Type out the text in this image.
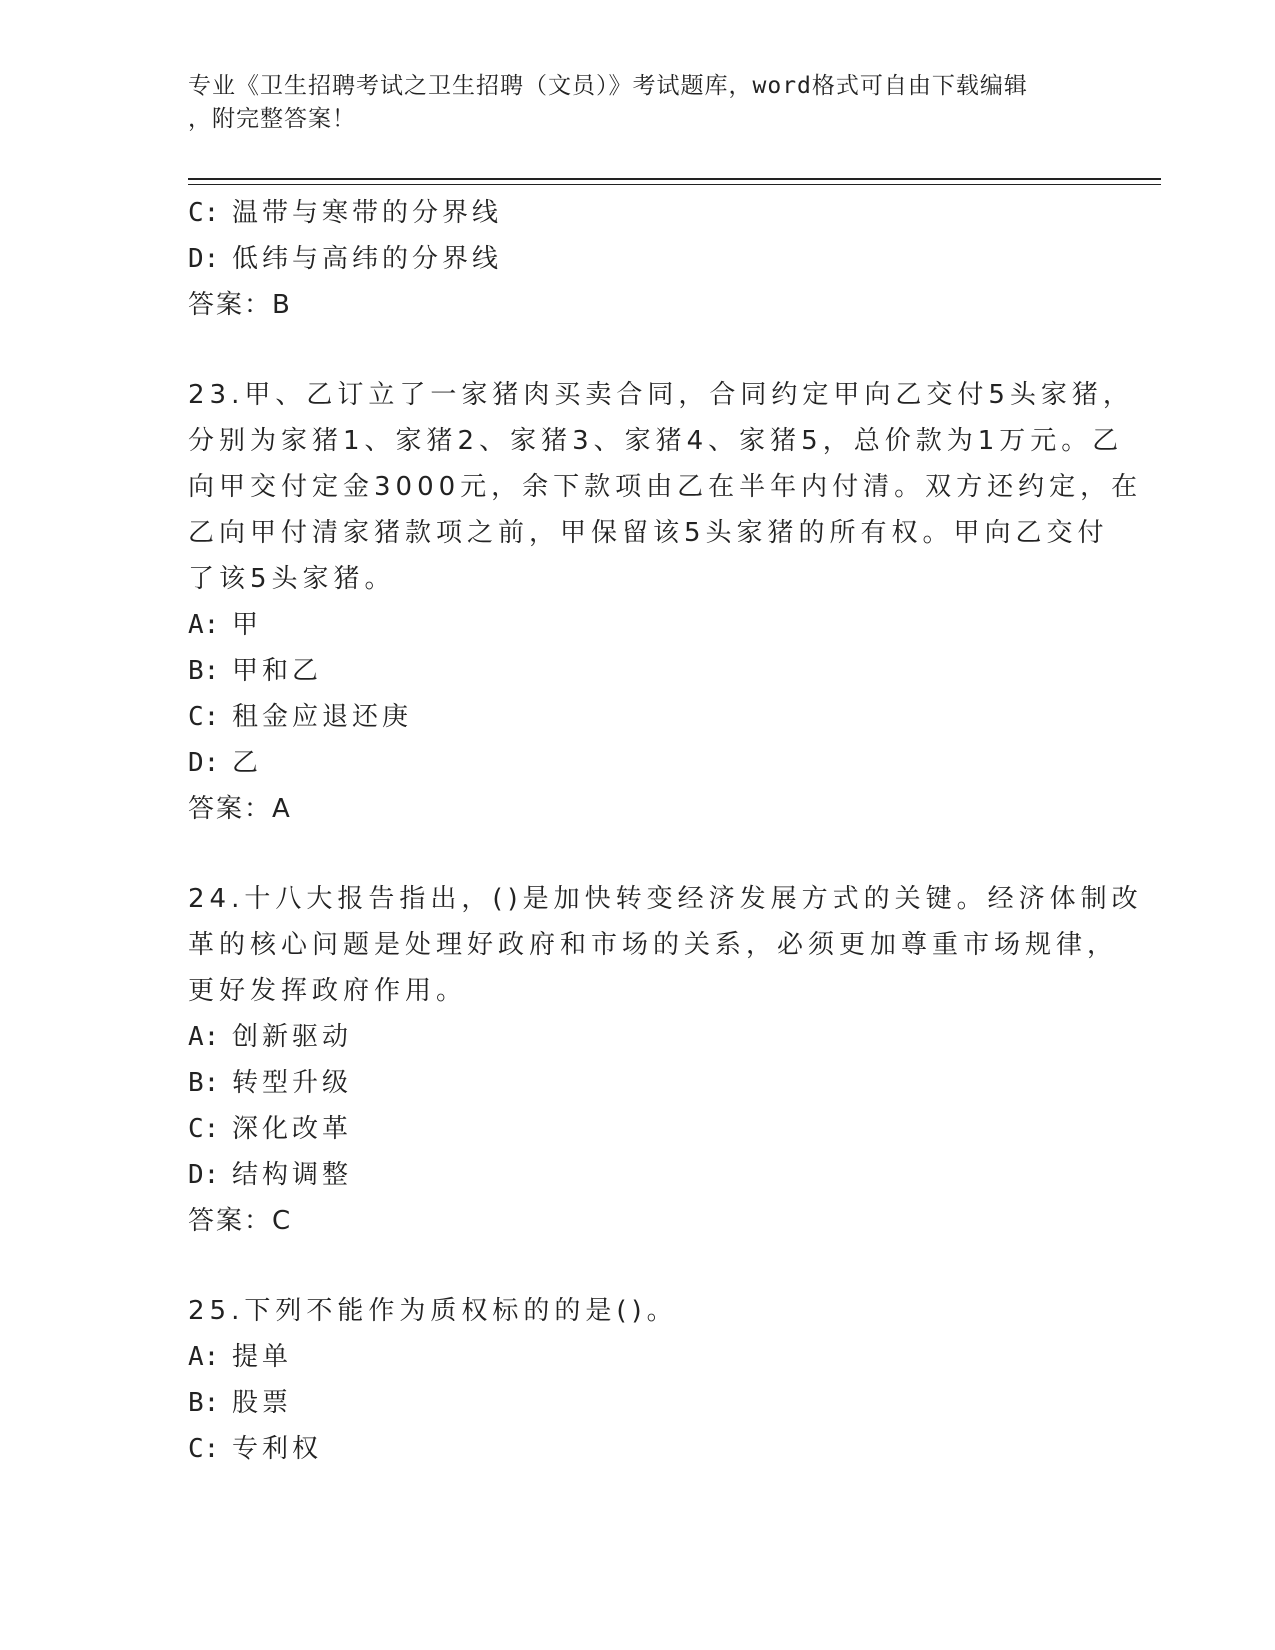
专业《卫生招聘考试之卫生招聘（文员）》考试题库，word格式可自由下载编辑
，附完整答案！
C: 温带与寒带的分界线
D: 低纬与高纬的分界线
答案：B
23.甲、乙订立了一家猪肉买卖合同，合同约定甲向乙交付5头家猪，
分别为家猪1、家猪2、家猪3、家猪4、家猪5，总价款为1万元。乙
向甲交付定金3000元，余下款项由乙在半年内付清。双方还约定，在
乙向甲付清家猪款项之前，甲保留该5头家猪的所有权。甲向乙交付
了该5头家猪。
A: 甲
B: 甲和乙
C: 租金应退还庚
D: 乙
答案：A
24.十八大报告指出，()是加快转变经济发展方式的关键。经济体制改
革的核心问题是处理好政府和市场的关系，必须更加尊重市场规律，
更好发挥政府作用。
A: 创新驱动
B: 转型升级
C: 深化改革
D: 结构调整
答案：C
25.下列不能作为质权标的的是()。
A: 提单
B: 股票
C: 专利权
